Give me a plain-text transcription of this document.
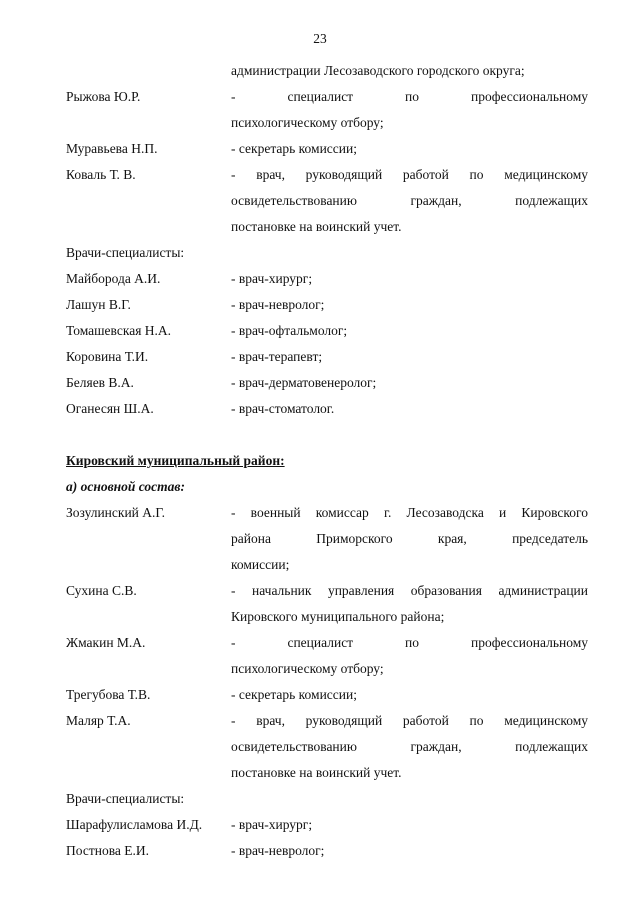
23
администрации Лесозаводского городского округа;
Рыжова Ю.Р.	- специалист по профессиональному
психологическому отбору;
Муравьева Н.П.	- секретарь комиссии;
Коваль Т. В.	- врач, руководящий работой по медицинскому
освидетельствованию граждан, подлежащих
постановке на воинский учет.
Врачи-специалисты:
Майборода А.И.	- врач-хирург;
Лашун В.Г.	- врач-невролог;
Томашевская Н.А.	- врач-офтальмолог;
Коровина Т.И.	- врач-терапевт;
Беляев В.А.	- врач-дерматовенеролог;
Оганесян Ш.А.	- врач-стоматолог.
Кировский муниципальный район:
а) основной состав:
Зозулинский А.Г.	- военный комиссар г. Лесозаводска и Кировского
района Приморского края, председатель
комиссии;
Сухина С.В.	- начальник управления образования администрации
Кировского муниципального района;
Жмакин М.А.	- специалист по профессиональному
психологическому отбору;
Трегубова Т.В.	- секретарь комиссии;
Маляр Т.А.	- врач, руководящий работой по медицинскому
освидетельствованию граждан, подлежащих
постановке на воинский учет.
Врачи-специалисты:
Шарафулисламова И.Д. - врач-хирург;
Постнова Е.И.	- врач-невролог;
